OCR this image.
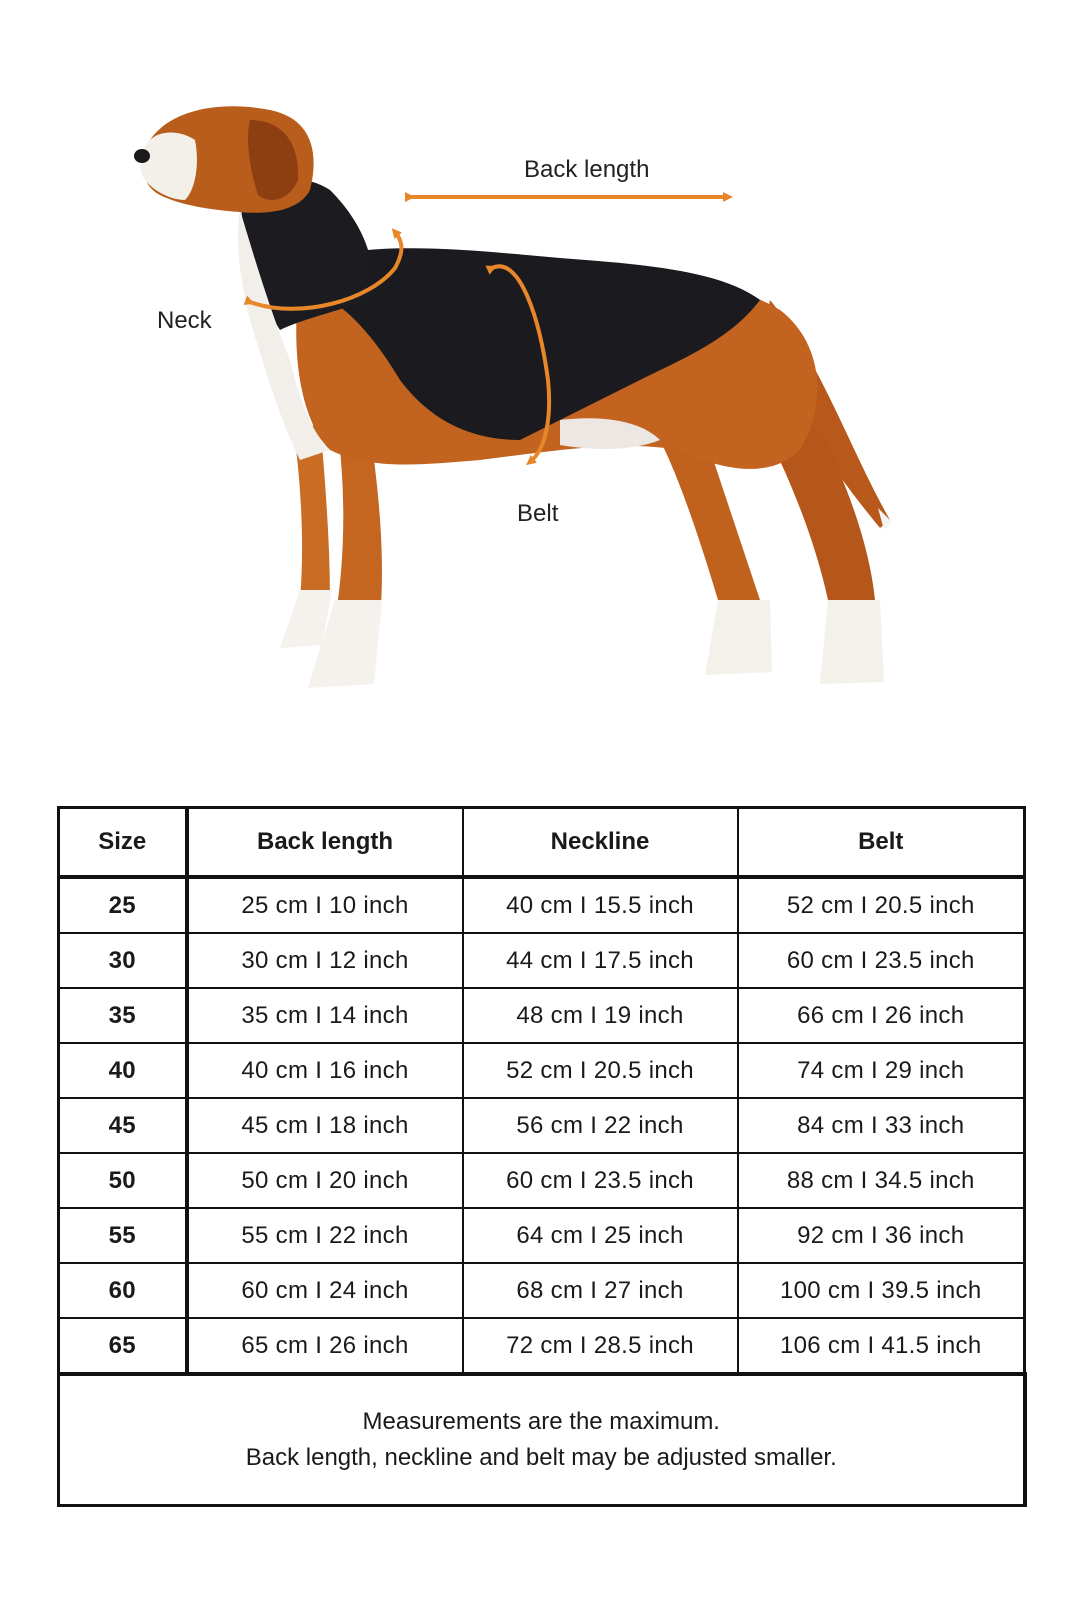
Back length
Neck
Belt
Size	Back length	Neckline	Belt
25	25 cm I 10 inch	40 cm I 15.5 inch	52 cm I 20.5 inch
30	30 cm I 12 inch	44 cm I 17.5 inch	60 cm I 23.5 inch
35	35 cm I 14 inch	48 cm I 19 inch	66 cm I 26 inch
40	40 cm I 16 inch	52 cm I 20.5 inch	74 cm I 29 inch
45	45 cm I 18 inch	56 cm I 22 inch	84 cm I 33 inch
50	50 cm I 20 inch	60 cm I 23.5 inch	88 cm I 34.5 inch
55	55 cm I 22 inch	64 cm I 25 inch	92 cm I 36 inch
60	60 cm I 24 inch	68 cm I 27 inch	100 cm I 39.5 inch
65	65 cm I 26 inch	72 cm I 28.5 inch	106 cm I 41.5 inch

Measurements are the maximum.
Back length, neckline and belt may be adjusted smaller.			
